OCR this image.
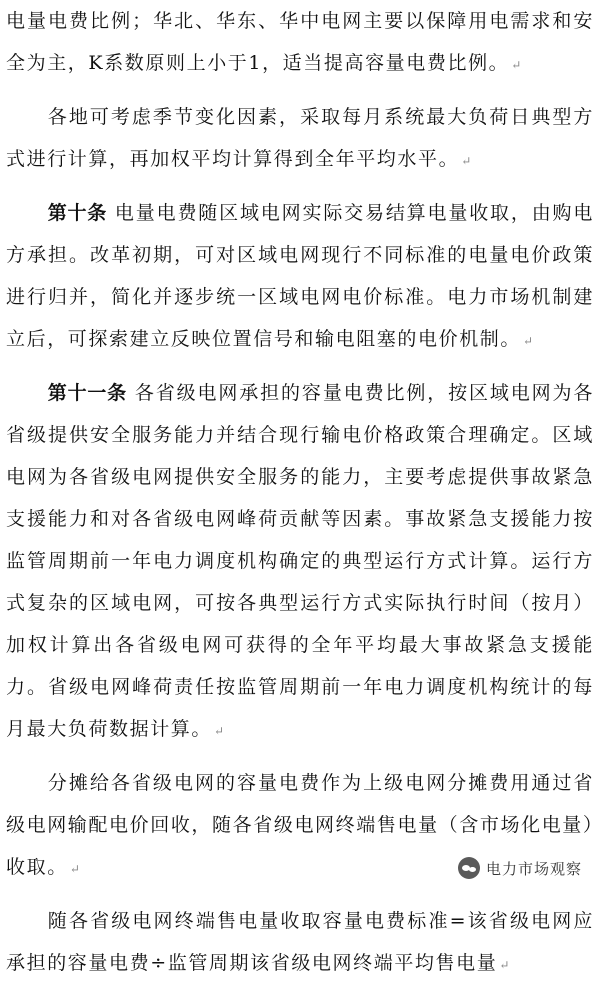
电量电费比例；华北、华东、华中电网主要以保障用电需求和安全为主，K系数原则上小于1，适当提高容量电费比例。 ↵

各地可考虑季节变化因素，采取每月系统最大负荷日典型方式进行计算，再加权平均计算得到全年平均水平。 ↵

第十条 电量电费随区域电网实际交易结算电量收取，由购电方承担。改革初期，可对区域电网现行不同标准的电量电价政策进行归并，简化并逐步统一区域电网电价标准。电力市场机制建立后，可探索建立反映位置信号和输电阻塞的电价机制。 ↵

第十一条 各省级电网承担的容量电费比例，按区域电网为各省级提供安全服务能力并结合现行输电价格政策合理确定。区域电网为各省级电网提供安全服务的能力，主要考虑提供事故紧急支援能力和对各省级电网峰荷贡献等因素。事故紧急支援能力按监管周期前一年电力调度机构确定的典型运行方式计算。运行方式复杂的区域电网，可按各典型运行方式实际执行时间（按月）加权计算出各省级电网可获得的全年平均最大事故紧急支援能力。省级电网峰荷责任按监管周期前一年电力调度机构统计的每月最大负荷数据计算。 ↵

分摊给各省级电网的容量电费作为上级电网分摊费用通过省级电网输配电价回收，随各省级电网终端售电量（含市场化电量）收取。 ↵

随各省级电网终端售电量收取容量电费标准=该省级电网应承担的容量电费÷监管周期该省级电网终端平均售电量 ↵

电力市场观察
